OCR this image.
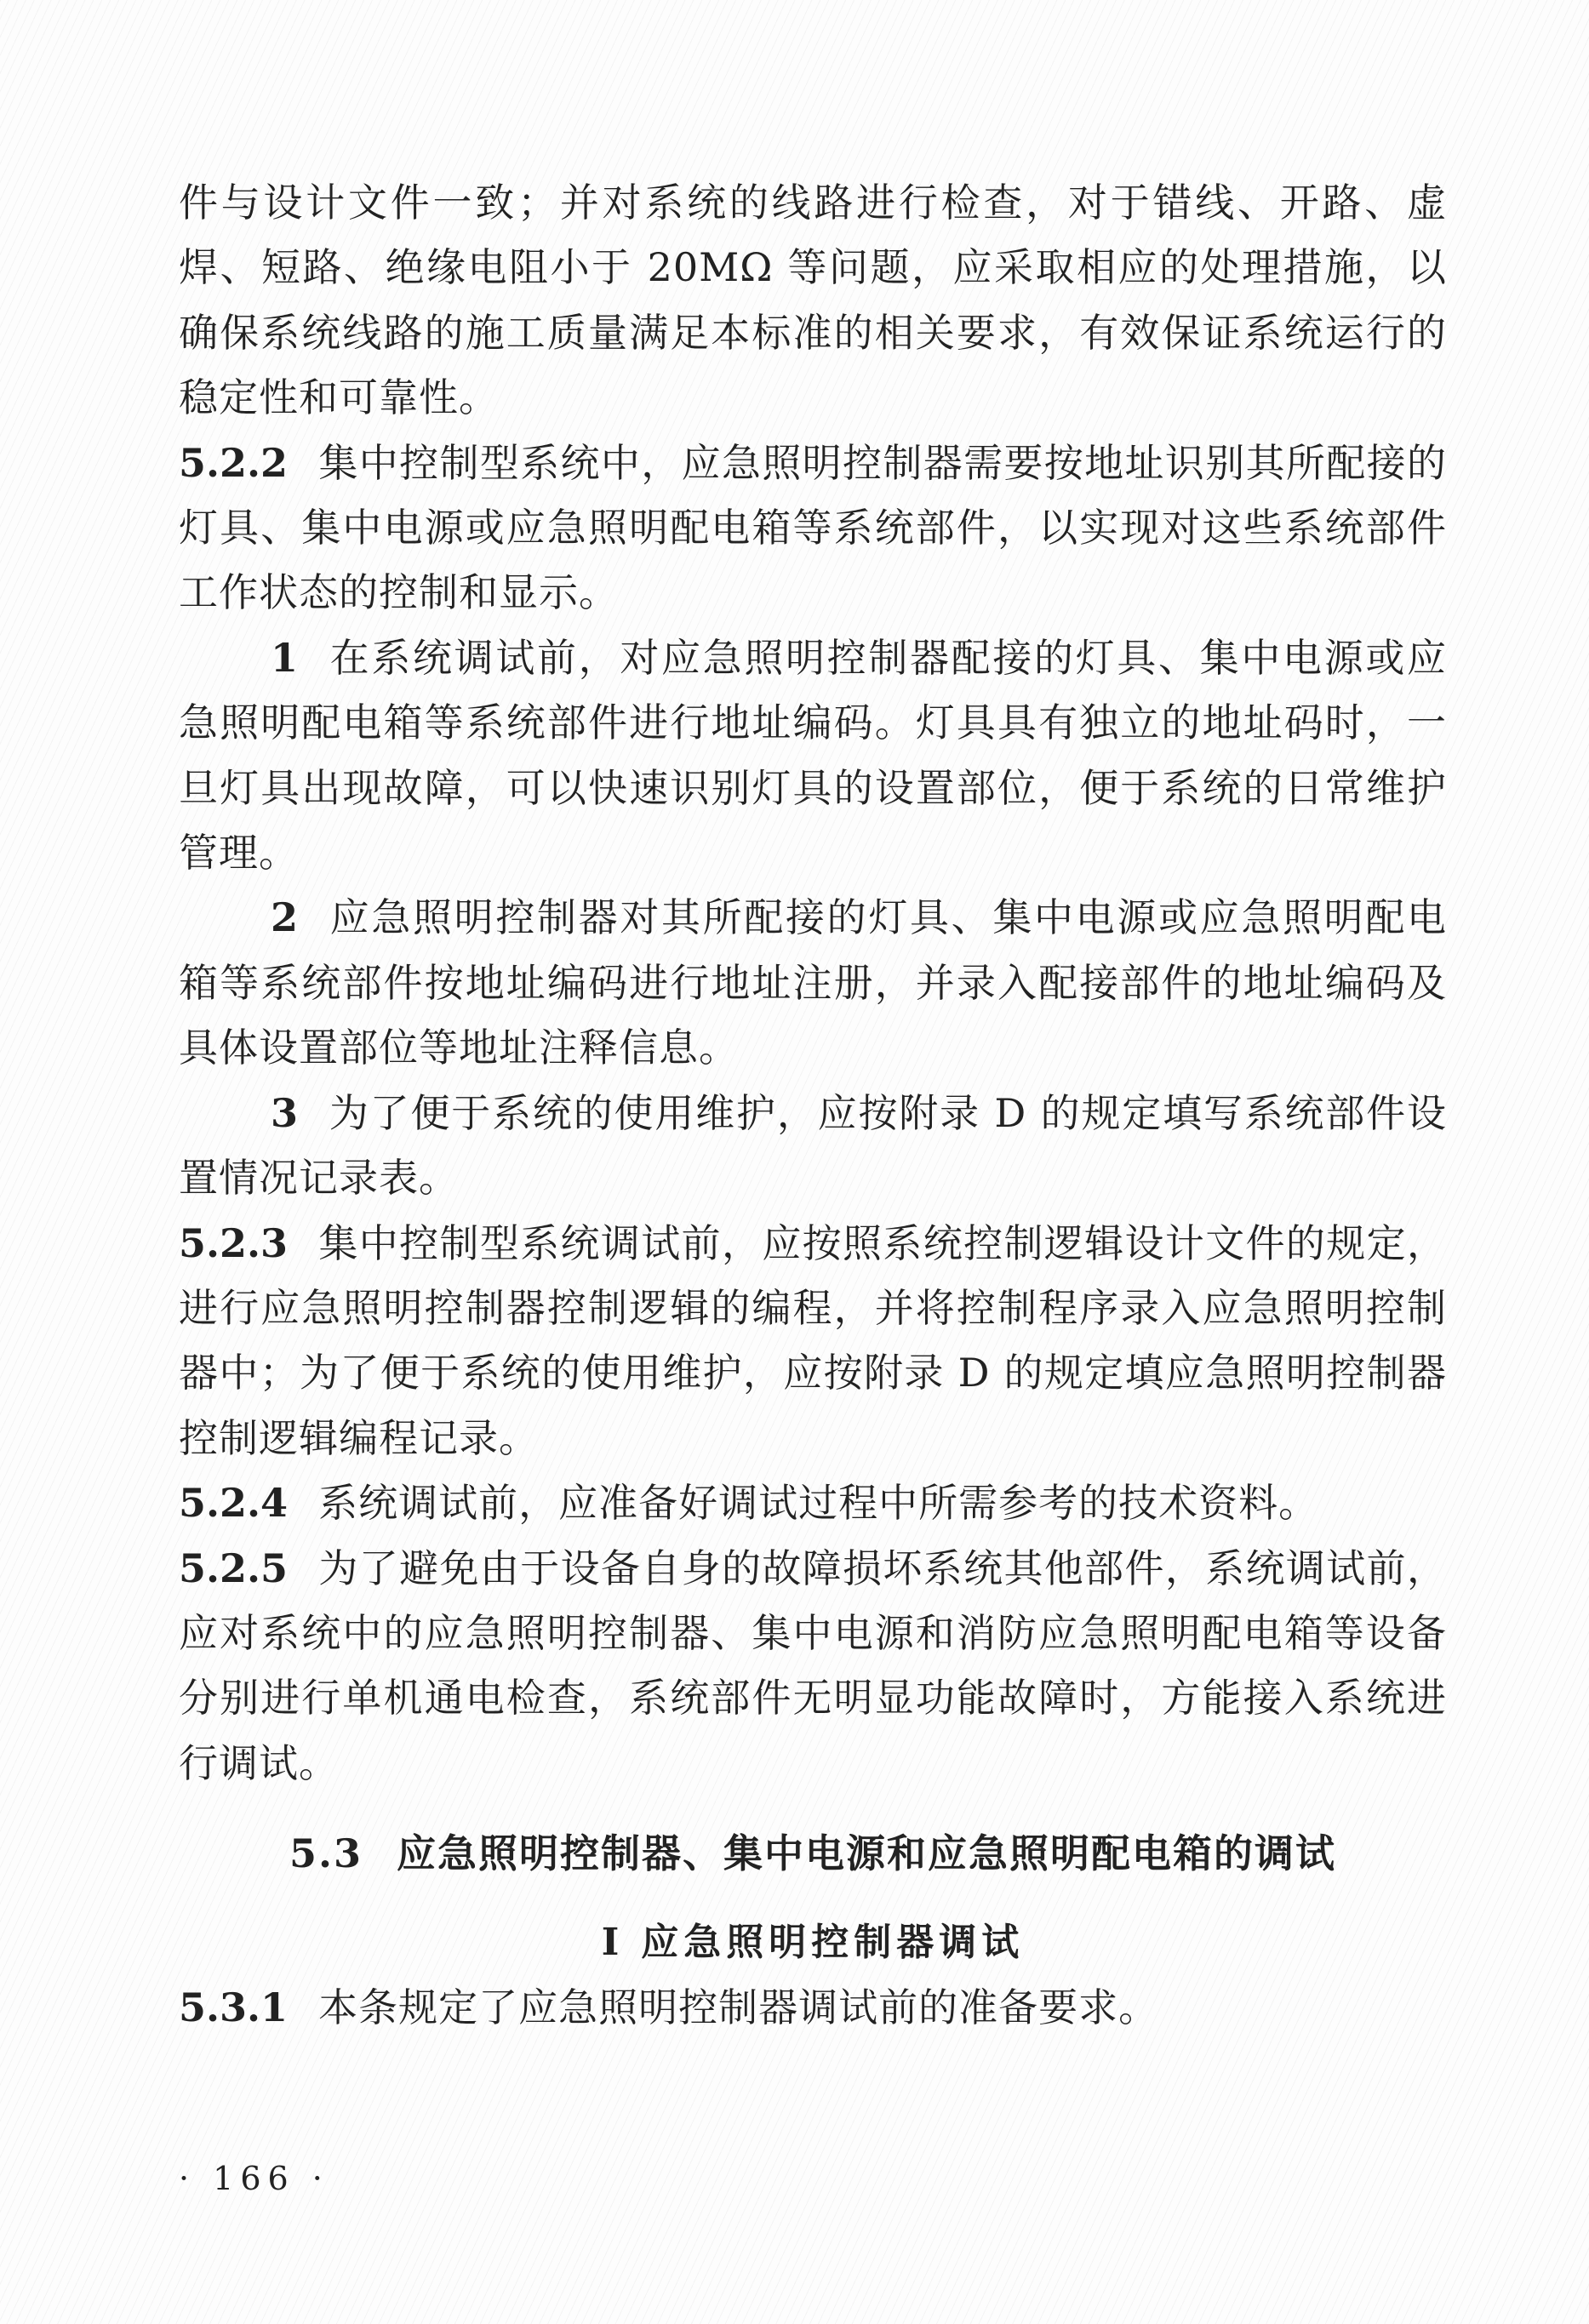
件与设计文件一致；并对系统的线路进行检查，对于错线、开路、虚焊、短路、绝缘电阻小于 20MΩ 等问题，应采取相应的处理措施，以确保系统线路的施工质量满足本标准的相关要求，有效保证系统运行的稳定性和可靠性。

5.2.2 集中控制型系统中，应急照明控制器需要按地址识别其所配接的灯具、集中电源或应急照明配电箱等系统部件，以实现对这些系统部件工作状态的控制和显示。

1 在系统调试前，对应急照明控制器配接的灯具、集中电源或应急照明配电箱等系统部件进行地址编码。灯具具有独立的地址码时，一旦灯具出现故障，可以快速识别灯具的设置部位，便于系统的日常维护管理。

2 应急照明控制器对其所配接的灯具、集中电源或应急照明配电箱等系统部件按地址编码进行地址注册，并录入配接部件的地址编码及具体设置部位等地址注释信息。

3 为了便于系统的使用维护，应按附录 D 的规定填写系统部件设置情况记录表。

5.2.3 集中控制型系统调试前，应按照系统控制逻辑设计文件的规定，进行应急照明控制器控制逻辑的编程，并将控制程序录入应急照明控制器中；为了便于系统的使用维护，应按附录 D 的规定填应急照明控制器控制逻辑编程记录。

5.2.4 系统调试前，应准备好调试过程中所需参考的技术资料。

5.2.5 为了避免由于设备自身的故障损坏系统其他部件，系统调试前，应对系统中的应急照明控制器、集中电源和消防应急照明配电箱等设备分别进行单机通电检查，系统部件无明显功能故障时，方能接入系统进行调试。

5.3 应急照明控制器、集中电源和应急照明配电箱的调试
Ⅰ 应急照明控制器调试

5.3.1 本条规定了应急照明控制器调试前的准备要求。

· 166 ·
